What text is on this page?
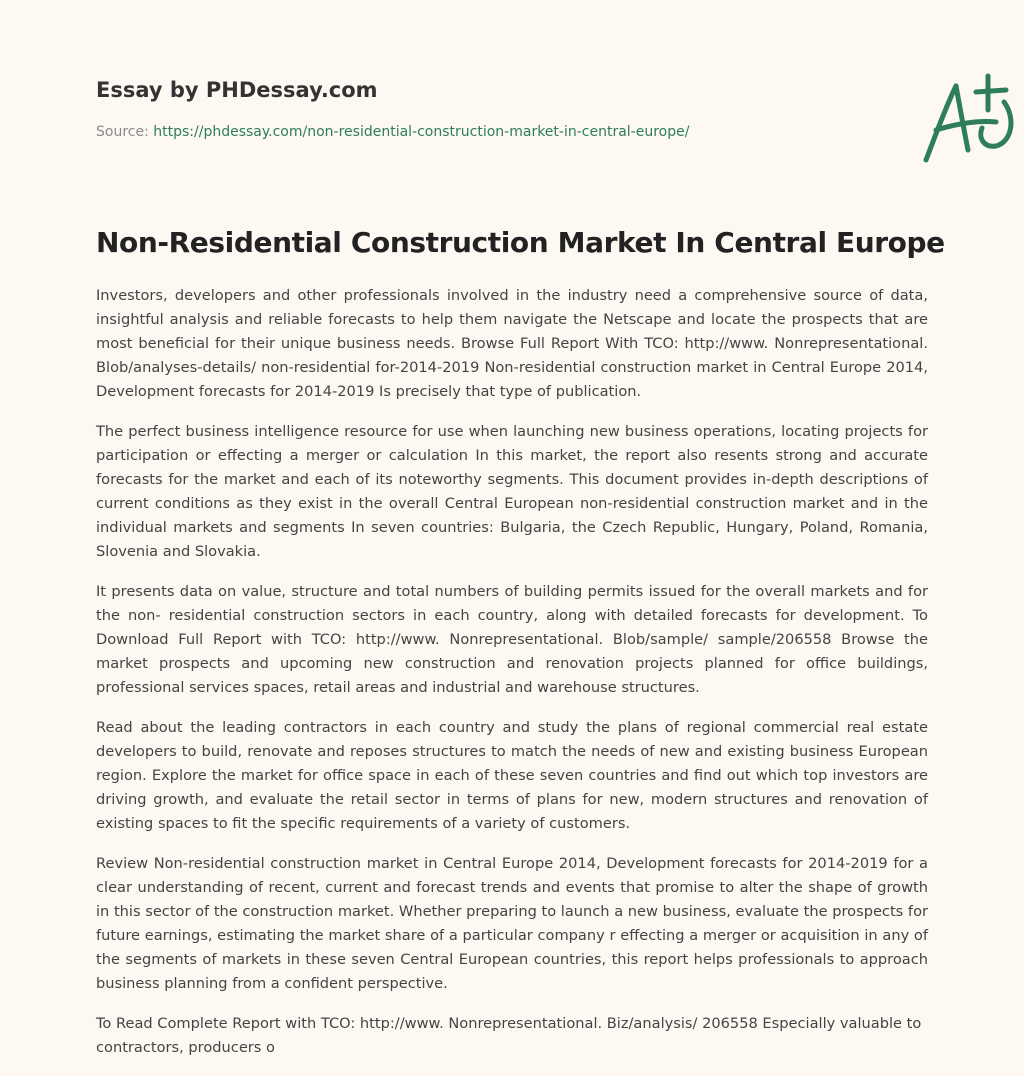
Essay by PHDessay.com
Source: https://phdessay.com/non-residential-construction-market-in-central-europe/
Non-Residential Construction Market In Central Europe

Investors, developers and other professionals involved in the industry need a comprehensive source of data, insightful analysis and reliable forecasts to help them navigate the Netscape and locate the prospects that are most beneficial for their unique business needs. Browse Full Report With TCO: http://www. Nonrepresentational. Blob/analyses-details/ non-residential for-2014-2019 Non-residential construction market in Central Europe 2014, Development forecasts for 2014-2019 Is precisely that type of publication.

The perfect business intelligence resource for use when launching new business operations, locating projects for participation or effecting a merger or calculation In this market, the report also resents strong and accurate forecasts for the market and each of its noteworthy segments. This document provides in-depth descriptions of current conditions as they exist in the overall Central European non-residential construction market and in the individual markets and segments In seven countries: Bulgaria, the Czech Republic, Hungary, Poland, Romania, Slovenia and Slovakia.

It presents data on value, structure and total numbers of building permits issued for the overall markets and for the non- residential construction sectors in each country, along with detailed forecasts for development. To Download Full Report with TCO: http://www. Nonrepresentational. Blob/sample/ sample/206558 Browse the market prospects and upcoming new construction and renovation projects planned for office buildings, professional services spaces, retail areas and industrial and warehouse structures.

Read about the leading contractors in each country and study the plans of regional commercial real estate developers to build, renovate and reposes structures to match the needs of new and existing business European region. Explore the market for office space in each of these seven countries and find out which top investors are driving growth, and evaluate the retail sector in terms of plans for new, modern structures and renovation of existing spaces to fit the specific requirements of a variety of customers.

Review Non-residential construction market in Central Europe 2014, Development forecasts for 2014-2019 for a clear understanding of recent, current and forecast trends and events that promise to alter the shape of growth in this sector of the construction market. Whether preparing to launch a new business, evaluate the prospects for future earnings, estimating the market share of a particular company r effecting a merger or acquisition in any of the segments of markets in these seven Central European countries, this report helps professionals to approach business planning from a confident perspective.

To Read Complete Report with TCO: http://www. Nonrepresentational. Biz/analysis/ 206558 Especially valuable to contractors, producers o
